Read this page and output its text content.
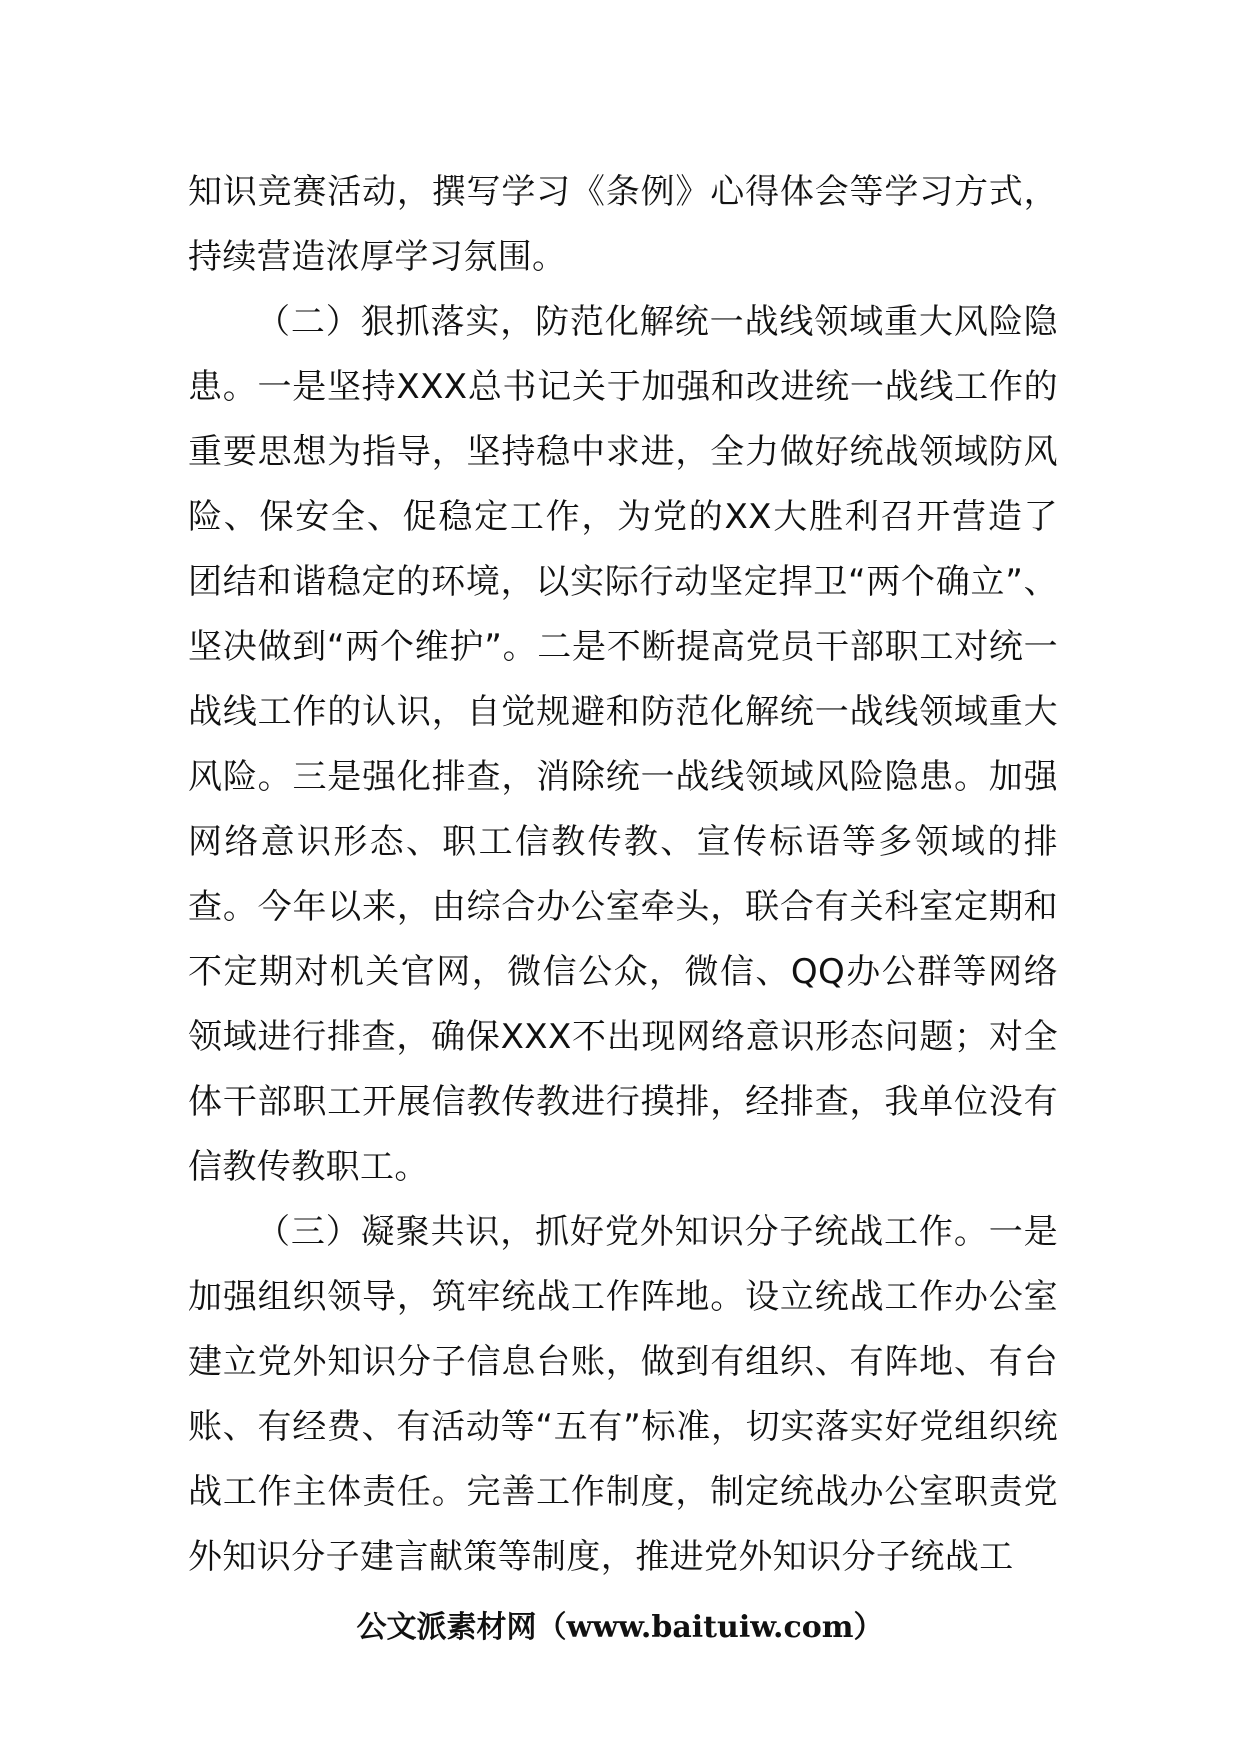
知识竞赛活动，撰写学习《条例》心得体会等学习方式，持续营造浓厚学习氛围。

（二）狠抓落实，防范化解统一战线领域重大风险隐患。一是坚持XXX总书记关于加强和改进统一战线工作的重要思想为指导，坚持稳中求进，全力做好统战领域防风险、保安全、促稳定工作，为党的XX大胜利召开营造了团结和谐稳定的环境，以实际行动坚定捍卫“两个确立”、坚决做到“两个维护”。二是不断提高党员干部职工对统一战线工作的认识，自觉规避和防范化解统一战线领域重大风险。三是强化排查，消除统一战线领域风险隐患。加强网络意识形态、职工信教传教、宣传标语等多领域的排查。今年以来，由综合办公室牵头，联合有关科室定期和不定期对机关官网，微信公众，微信、QQ办公群等网络领域进行排查，确保XXX不出现网络意识形态问题；对全体干部职工开展信教传教进行摸排，经排查，我单位没有信教传教职工。

（三）凝聚共识，抓好党外知识分子统战工作。一是加强组织领导，筑牢统战工作阵地。设立统战工作办公室建立党外知识分子信息台账，做到有组织、有阵地、有台账、有经费、有活动等“五有”标准，切实落实好党组织统战工作主体责任。完善工作制度，制定统战办公室职责党外知识分子建言献策等制度，推进党外知识分子统战工

公文派素材网（www.baituiw.com）
